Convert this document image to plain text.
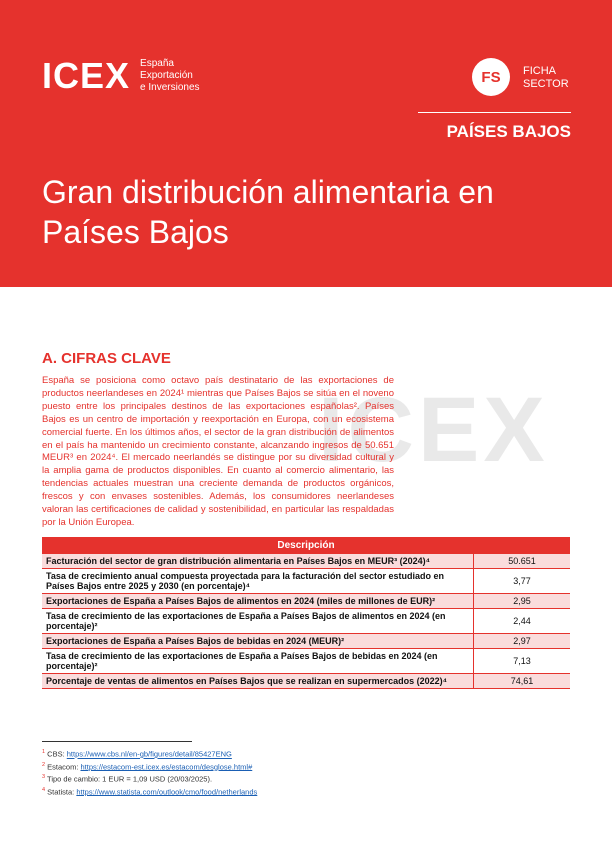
ICEX España
Exportación
e Inversiones
FS	FICHA
SECTOR
PAÍSES BAJOS
Gran distribución alimentaria en Países Bajos
ICEX
A. CIFRAS CLAVE
España se posiciona como octavo país destinatario de las exportaciones de productos neerlandeses en 2024¹ mientras que Países Bajos se sitúa en el noveno puesto entre los principales destinos de las exportaciones españolas². Países Bajos es un centro de importación y reexportación en Europa, con un ecosistema comercial fuerte. En los últimos años, el sector de la gran distribución de alimentos en el país ha mantenido un crecimiento constante, alcanzando ingresos de 50.651 MEUR³ en 2024⁴. El mercado neerlandés se distingue por su diversidad cultural y la amplia gama de productos disponibles. En cuanto al comercio alimentario, las tendencias actuales muestran una creciente demanda de productos orgánicos, frescos y con envases sostenibles. Además, los consumidores neerlandeses valoran las certificaciones de calidad y sostenibilidad, en particular las respaldadas por la Unión Europea.
Descripción	
Facturación del sector de gran distribución alimentaria en Países Bajos en MEUR³ (2024)⁴	50.651
Tasa de crecimiento anual compuesta proyectada para la facturación del sector estudiado en Países Bajos entre 2025 y 2030 (en porcentaje)⁴	3,77
Exportaciones de España a Países Bajos de alimentos en 2024 (miles de millones de EUR)²	2,95
Tasa de crecimiento de las exportaciones de España a Países Bajos de alimentos en 2024 (en porcentaje)²	2,44
Exportaciones de España a Países Bajos de bebidas en 2024 (MEUR)²	2,97
Tasa de crecimiento de las exportaciones de España a Países Bajos de bebidas en 2024 (en porcentaje)²	7,13
Porcentaje de ventas de alimentos en Países Bajos que se realizan en supermercados (2022)⁴	74,61
$^1$ CBS: https://www.cbs.nl/en-gb/figures/detail/85427ENG
$^2$ Estacom: https://estacom-est.icex.es/estacom/desglose.html#
$^3$ Tipo de cambio: 1 EUR = 1,09 USD (20/03/2025).
$^4$ Statista: https://www.statista.com/outlook/cmo/food/netherlands
